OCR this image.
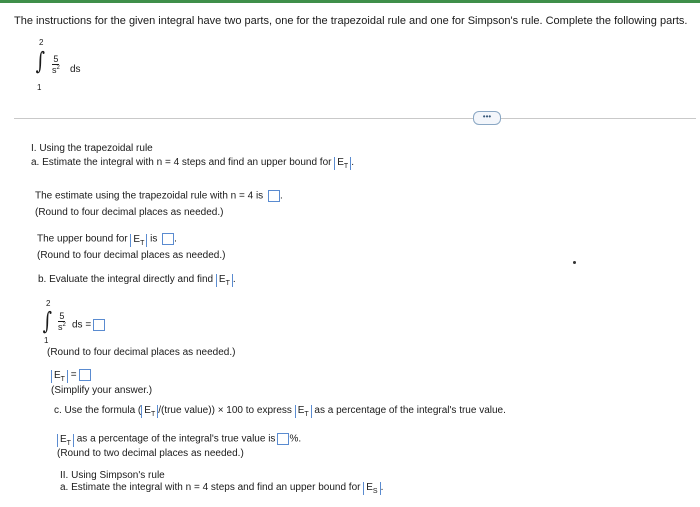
The instructions for the given integral have two parts, one for the trapezoidal rule and one for Simpson's rule. Complete the following parts.
2
∫
1
$\frac{5}{s^2}$ ds
•••
I. Using the trapezoidal rule
a. Estimate the integral with n = 4 steps and find an upper bound for $E_T$ .
The estimate using the trapezoidal rule with n = 4 is .
(Round to four decimal places as needed.)
The upper bound for $E_T$ is .
(Round to four decimal places as needed.)
b. Evaluate the integral directly and find $E_T$ .
2
∫
1
$\frac{5}{s^2}$ ds =
(Round to four decimal places as needed.)
$E_T$ =
(Simplify your answer.)
c. Use the formula ( $E_T$ /(true value)) × 100 to express $E_T$ as a percentage of the integral's true value.
$E_T$ as a percentage of the integral's true value is %.
(Round to two decimal places as needed.)
II. Using Simpson's rule
a. Estimate the integral with n = 4 steps and find an upper bound for $E_S$ .
